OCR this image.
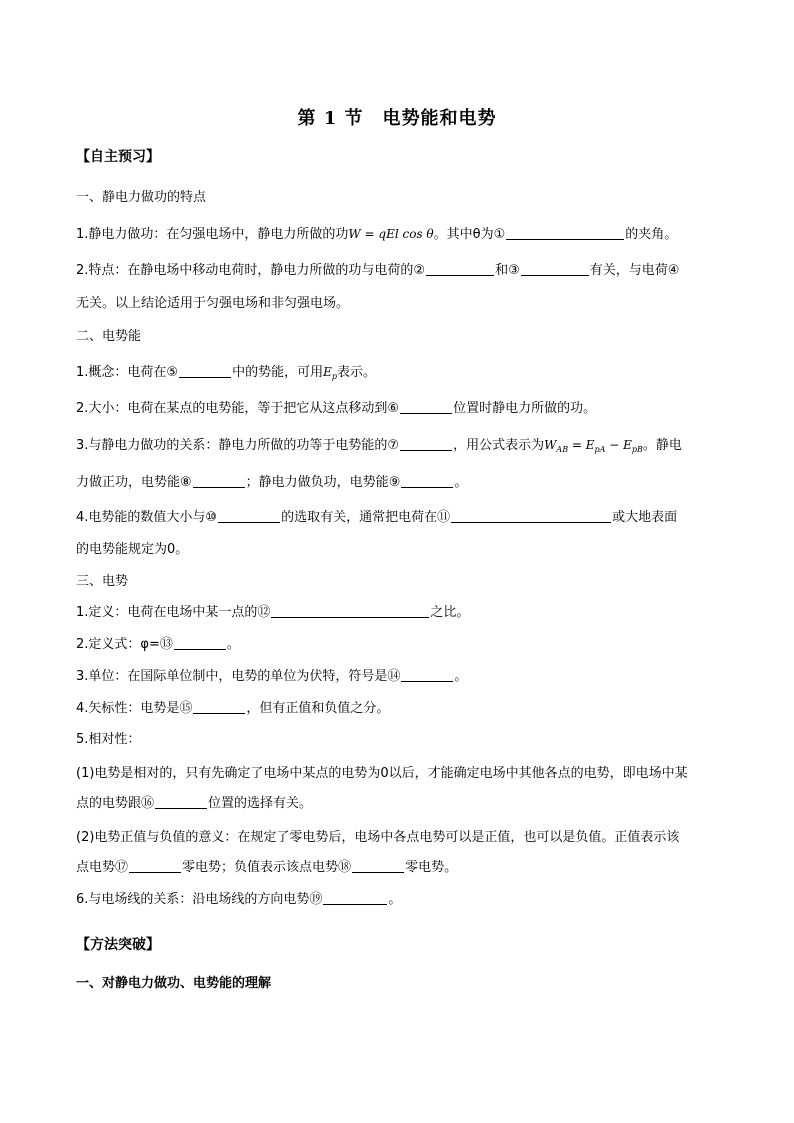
第 1 节　电势能和电势
【自主预习】
一、静电力做功的特点
1.静电力做功：在匀强电场中，静电力所做的功W = qEl cos θ。其中θ为①	的夹角。
2.特点：在静电场中移动电荷时，静电力所做的功与电荷的②	和③	有关，与电荷④
无关。以上结论适用于匀强电场和非匀强电场。
二、电势能
1.概念：电荷在⑤	中的势能，可用$E_p$表示。
2.大小：电荷在某点的电势能，等于把它从这点移动到⑥	位置时静电力所做的功。
3.与静电力做功的关系：静电力所做的功等于电势能的⑦	，用公式表示为$W_{AB} = E_{pA} - E_{pB}$。静电
力做正功，电势能⑧	；静电力做负功，电势能⑨	。
4.电势能的数值大小与⑩	的选取有关，通常把电荷在⑪	或大地表面
的电势能规定为0。
三、电势
1.定义：电荷在电场中某一点的⑫	之比。
2.定义式：φ=⑬	。
3.单位：在国际单位制中，电势的单位为伏特，符号是⑭	。
4.矢标性：电势是⑮	，但有正值和负值之分。
5.相对性：
(1)电势是相对的，只有先确定了电场中某点的电势为0以后，才能确定电场中其他各点的电势，即电场中某
点的电势跟⑯	位置的选择有关。
(2)电势正值与负值的意义：在规定了零电势后，电场中各点电势可以是正值，也可以是负值。正值表示该
点电势⑰	零电势；负值表示该点电势⑱	零电势。
6.与电场线的关系：沿电场线的方向电势⑲	。
【方法突破】
一、对静电力做功、电势能的理解
